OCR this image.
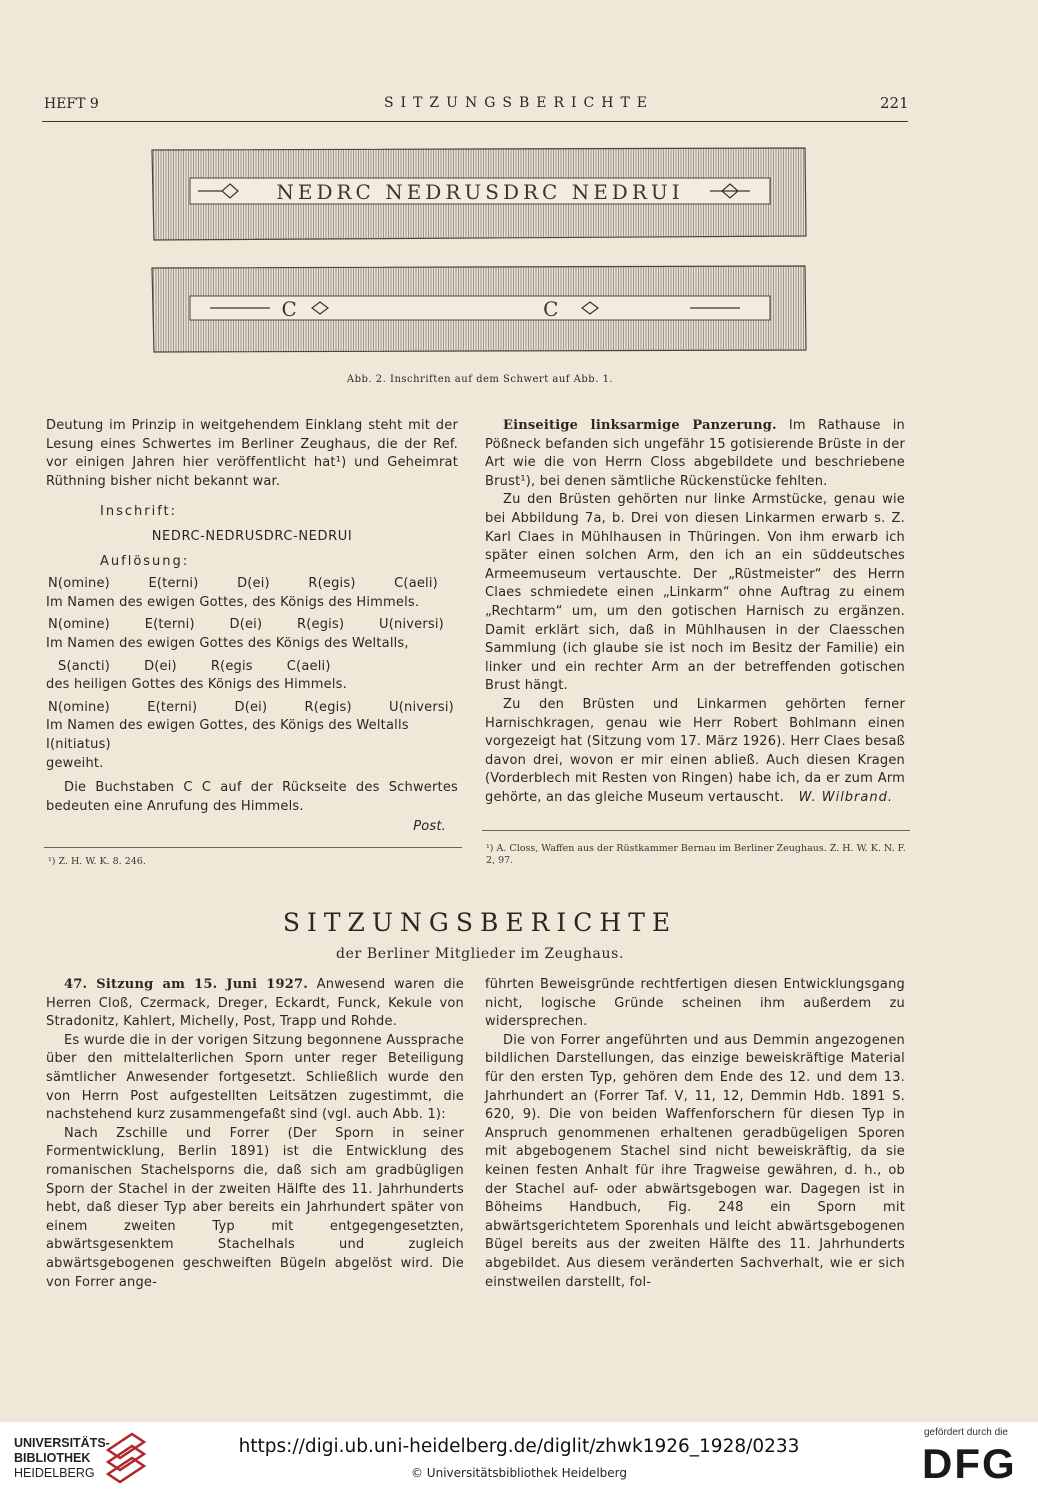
HEFT 9	SITZUNGSBERICHTE	221
NEDRC NEDRUSDRC NEDRUI
C C
Abb. 2. Inschriften auf dem Schwert auf Abb. 1.

Deutung im Prinzip in weitgehendem Einklang steht mit der Lesung eines Schwertes im Berliner Zeughaus, die der Ref. vor einigen Jahren hier veröffentlicht hat¹) und Geheimrat Rüthning bisher nicht bekannt war.

Inschrift:
NEDRC-NEDRUSDRC-NEDRUI
Auflösung:
N(omine)	E(terni)	D(ei)	R(egis)	C(aeli)
Im Namen des ewigen Gottes, des Königs des Himmels.
N(omine)	E(terni)	D(ei)	R(egis)	U(niversi)
Im Namen des ewigen Gottes des Königs des Weltalls,
S(ancti)	D(ei)	R(egis	C(aeli)
des heiligen Gottes des Königs des Himmels.
N(omine)	E(terni)	D(ei)	R(egis)	U(niversi)
Im Namen des ewigen Gottes, des Königs des Weltalls
I(nitiatus)
geweiht.

Die Buchstaben C C auf der Rückseite des Schwertes bedeuten eine Anrufung des Himmels.

Post.
¹) Z. H. W. K. 8. 246.

Einseitige linksarmige Panzerung. Im Rathause in Pößneck befanden sich ungefähr 15 gotisierende Brüste in der Art wie die von Herrn Closs abgebildete und beschriebene Brust¹), bei denen sämtliche Rückenstücke fehlten.

Zu den Brüsten gehörten nur linke Armstücke, genau wie bei Abbildung 7a, b. Drei von diesen Linkarmen erwarb s. Z. Karl Claes in Mühlhausen in Thüringen. Von ihm erwarb ich später einen solchen Arm, den ich an ein süddeutsches Armeemuseum vertauschte. Der „Rüstmeister“ des Herrn Claes schmiedete einen „Linkarm“ ohne Auftrag zu einem „Rechtarm“ um, um den gotischen Harnisch zu ergänzen. Damit erklärt sich, daß in Mühlhausen in der Claesschen Sammlung (ich glaube sie ist noch im Besitz der Familie) ein linker und ein rechter Arm an der betreffenden gotischen Brust hängt.

Zu den Brüsten und Linkarmen gehörten ferner Harnischkragen, genau wie Herr Robert Bohlmann einen vorgezeigt hat (Sitzung vom 17. März 1926). Herr Claes besaß davon drei, wovon er mir einen abließ. Auch diesen Kragen (Vorderblech mit Resten von Ringen) habe ich, da er zum Arm gehörte, an das gleiche Museum vertauscht.	W. Wilbrand.
¹) A. Closs, Waffen aus der Rüstkammer Bernau im Berliner Zeughaus. Z. H. W. K. N. F. 2, 97.
SITZUNGSBERICHTE
der Berliner Mitglieder im Zeughaus.

47. Sitzung am 15. Juni 1927. Anwesend waren die Herren Cloß, Czermack, Dreger, Eckardt, Funck, Kekule von Stradonitz, Kahlert, Michelly, Post, Trapp und Rohde.

Es wurde die in der vorigen Sitzung begonnene Aussprache über den mittelalterlichen Sporn unter reger Beteiligung sämtlicher Anwesender fortgesetzt. Schließlich wurde den von Herrn Post aufgestellten Leitsätzen zugestimmt, die nachstehend kurz zusammengefaßt sind (vgl. auch Abb. 1):

Nach Zschille und Forrer (Der Sporn in seiner Formentwicklung, Berlin 1891) ist die Entwicklung des romanischen Stachelsporns die, daß sich am gradbügligen Sporn der Stachel in der zweiten Hälfte des 11. Jahrhunderts hebt, daß dieser Typ aber bereits ein Jahrhundert später von einem zweiten Typ mit entgegengesetzten, abwärtsgesenktem Stachelhals und zugleich abwärtsgebogenen geschweiften Bügeln abgelöst wird. Die von Forrer ange-

führten Beweisgründe rechtfertigen diesen Entwicklungsgang nicht, logische Gründe scheinen ihm außerdem zu widersprechen.

Die von Forrer angeführten und aus Demmin angezogenen bildlichen Darstellungen, das einzige beweiskräftige Material für den ersten Typ, gehören dem Ende des 12. und dem 13. Jahrhundert an (Forrer Taf. V, 11, 12, Demmin Hdb. 1891 S. 620, 9). Die von beiden Waffenforschern für diesen Typ in Anspruch genommenen erhaltenen geradbügeligen Sporen mit abgebogenem Stachel sind nicht beweiskräftig, da sie keinen festen Anhalt für ihre Tragweise gewähren, d. h., ob der Stachel auf- oder abwärtsgebogen war. Dagegen ist in Böheims Handbuch, Fig. 248 ein Sporn mit abwärtsgerichtetem Sporenhals und leicht abwärtsgebogenen Bügel bereits aus der zweiten Hälfte des 11. Jahrhunderts abgebildet. Aus diesem veränderten Sachverhalt, wie er sich einstweilen darstellt, fol-

UNIVERSITÄTS-
BIBLIOTHEK
HEIDELBERG
https://digi.ub.uni-heidelberg.de/diglit/zhwk1926_1928/0233
© Universitätsbibliothek Heidelberg
gefördert durch die
DFG
